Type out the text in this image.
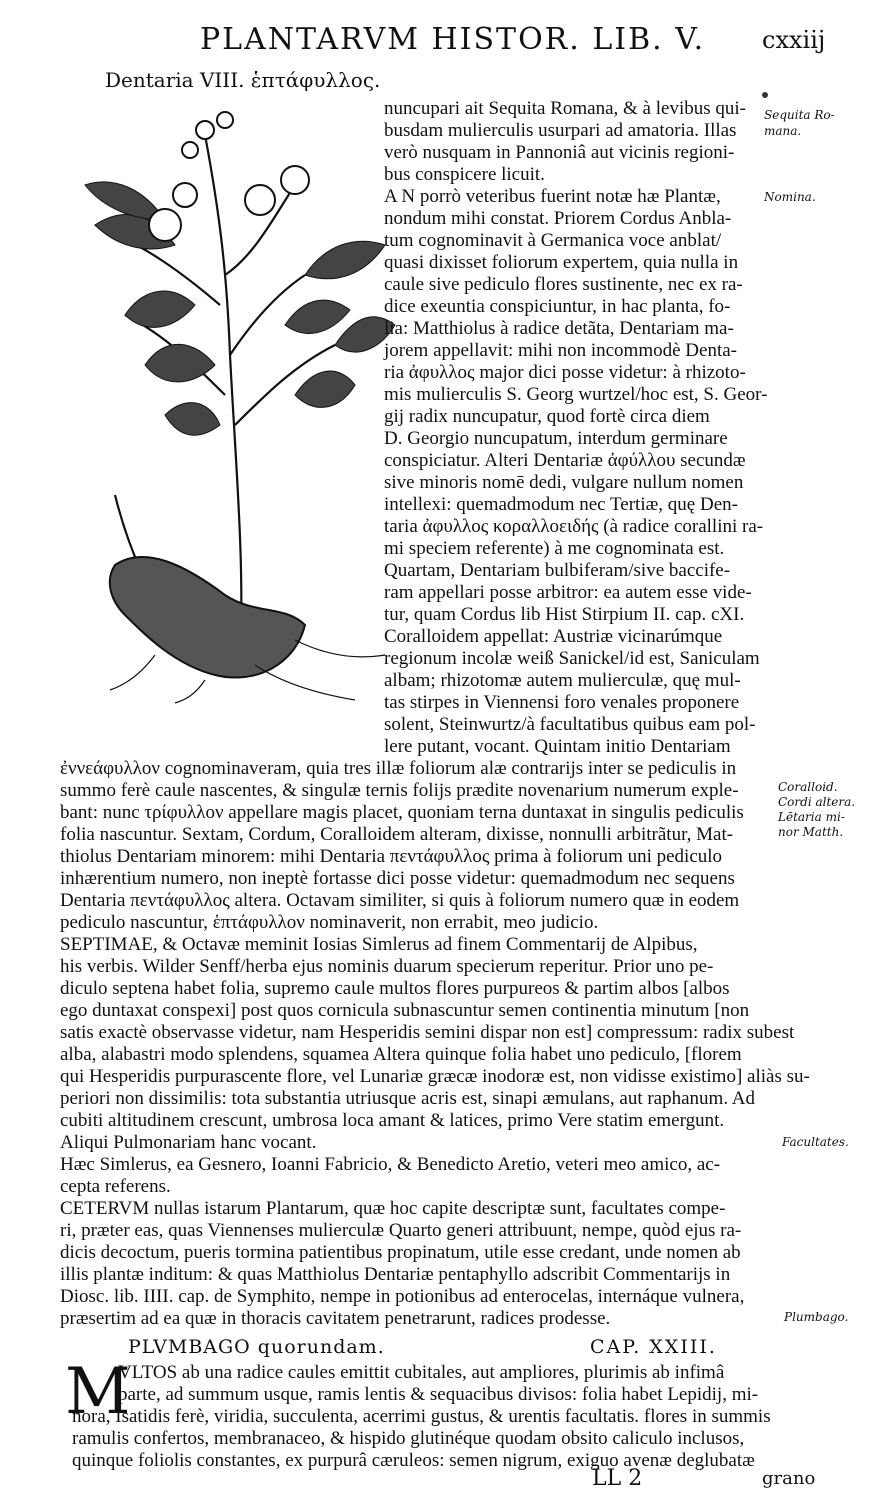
PLANTARVM HISTOR. LIB. V. cxxiij
Dentaria VIII. ἑπτάφυλλος.
Sequita Ro-
mana.
Nomina.
Coralloid.
Cordi altera.
Lētaria mi-
nor Matth.
Facultates.
Plumbago.
nuncupari ait Sequita Romana, & à levibus qui-
busdam mulierculis usurpari ad amatoria. Illas
verò nusquam in Pannoniâ aut vicinis regioni-
bus conspicere licuit.
A N porrò veteribus fuerint notæ hæ Plantæ,
nondum mihi constat. Priorem Cordus Anbla-
tum cognominavit à Germanica voce anblat/
quasi dixisset foliorum expertem, quia nulla in
caule sive pediculo flores sustinente, nec ex ra-
dice exeuntia conspiciuntur, in hac planta, fo-
lia: Matthiolus à radice detãta, Dentariam ma-
jorem appellavit: mihi non incommodè Denta-
ria ἀφυλλος major dici posse videtur: à rhizoto-
mis mulierculis S. Georg wurtzel/hoc est, S. Geor-
gij radix nuncupatur, quod fortè circa diem
D. Georgio nuncupatum, interdum germinare
conspiciatur. Alteri Dentariæ ἀφύλλου secundæ
sive minoris nomē dedi, vulgare nullum nomen
intellexi: quemadmodum nec Tertiæ, quę Den-
taria ἀφυλλος κοραλλοειδής (à radice corallini ra-
mi speciem referente) à me cognominata est.
Quartam, Dentariam bulbiferam/sive baccife-
ram appellari posse arbitror: ea autem esse vide-
tur, quam Cordus lib Hist Stirpium II. cap. cXI.
Coralloidem appellat: Austriæ vicinarúmque
regionum incolæ weiß Sanickel/id est, Saniculam
albam; rhizotomæ autem mulierculæ, quę mul-
tas stirpes in Viennensi foro venales proponere
solent, Steinwurtz/à facultatibus quibus eam pol-
lere putant, vocant. Quintam initio Dentariam
ἐννεάφυλλον cognominaveram, quia tres illæ foliorum alæ contrarijs inter se pediculis in
summo ferè caule nascentes, & singulæ ternis folijs prædite novenarium numerum exple-
bant: nunc τρίφυλλον appellare magis placet, quoniam terna duntaxat in singulis pediculis
folia nascuntur. Sextam, Cordum, Coralloidem alteram, dixisse, nonnulli arbitrãtur, Mat-
thiolus Dentariam minorem: mihi Dentaria πεντάφυλλος prima à foliorum uni pediculo
inhærentium numero, non ineptè fortasse dici posse videtur: quemadmodum nec sequens
Dentaria πεντάφυλλος altera. Octavam similiter, si quis à foliorum numero quæ in eodem
pediculo nascuntur, ἑπτάφυλλον nominaverit, non errabit, meo judicio.
SEPTIMAE, & Octavæ meminit Iosias Simlerus ad finem Commentarij de Alpibus,
his verbis. Wilder Senff/herba ejus nominis duarum specierum reperitur. Prior uno pe-
diculo septena habet folia, supremo caule multos flores purpureos & partim albos [albos
ego duntaxat conspexi] post quos cornicula subnascuntur semen continentia minutum [non
satis exactè observasse videtur, nam Hesperidis semini dispar non est] compressum: radix subest
alba, alabastri modo splendens, squamea Altera quinque folia habet uno pediculo, [florem
qui Hesperidis purpurascente flore, vel Lunariæ græcæ inodoræ est, non vidisse existimo] aliàs su-
periori non dissimilis: tota substantia utriusque acris est, sinapi æmulans, aut raphanum. Ad
cubiti altitudinem crescunt, umbrosa loca amant & latices, primo Vere statim emergunt.
Aliqui Pulmonariam hanc vocant.
Hæc Simlerus, ea Gesnero, Ioanni Fabricio, & Benedicto Aretio, veteri meo amico, ac-
cepta referens.
CETERVM nullas istarum Plantarum, quæ hoc capite descriptæ sunt, facultates compe-
ri, præter eas, quas Viennenses mulierculæ Quarto generi attribuunt, nempe, quòd ejus ra-
dicis decoctum, pueris tormina patientibus propinatum, utile esse credant, unde nomen ab
illis plantæ inditum: & quas Matthiolus Dentariæ pentaphyllo adscribit Commentarijs in
Diosc. lib. IIII. cap. de Symphito, nempe in potionibus ad enterocelas, internáque vulnera,
præsertim ad ea quæ in thoracis cavitatem penetrarunt, radices prodesse.
PLVMBAGO quorundam.	CAP. XXIII.
M
VLTOS ab una radice caules emittit cubitales, aut ampliores, plurimis ab infimâ
parte, ad summum usque, ramis lentis & sequacibus divisos: folia habet Lepidij, mi-
nora, Isatidis ferè, viridia, succulenta, acerrimi gustus, & urentis facultatis. flores in summis
ramulis confertos, membranaceo, & hispido glutinéque quodam obsito caliculo inclusos,
quinque foliolis constantes, ex purpurâ cæruleos: semen nigrum, exiguo avenæ deglubatæ
LL 2	grano
